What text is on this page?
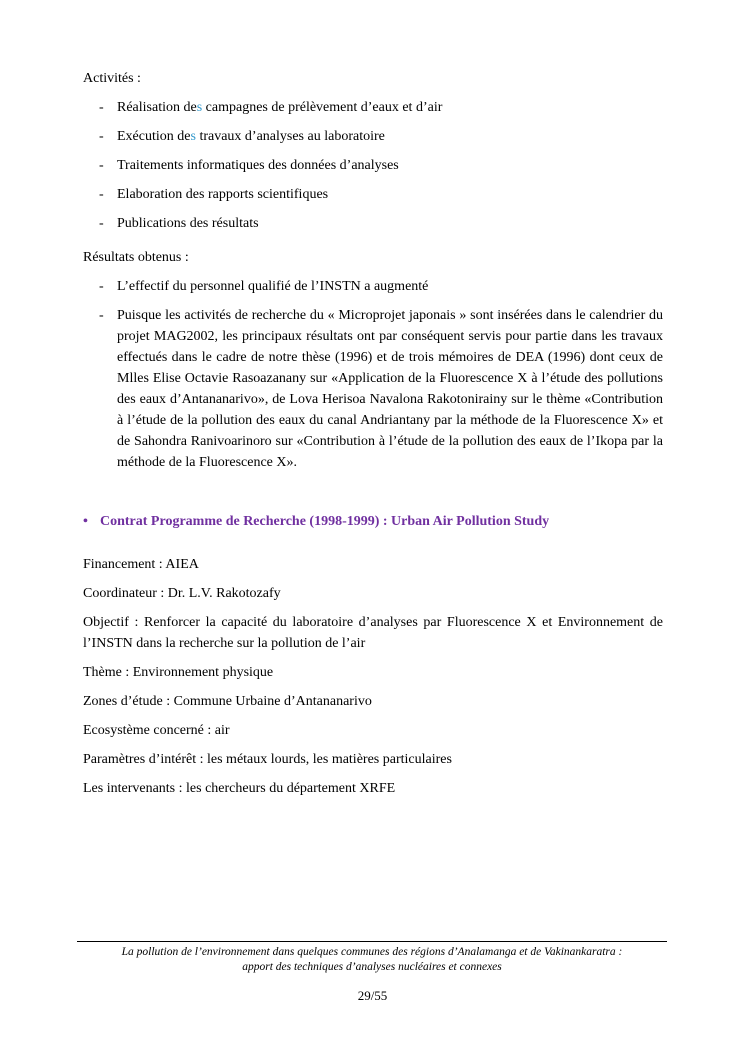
Activités :

- Réalisation des campagnes de prélèvement d’eaux et d’air
- Exécution des travaux d’analyses au laboratoire
- Traitements informatiques des données d’analyses
- Elaboration des rapports scientifiques
- Publications des résultats

Résultats obtenus :

- L’effectif du personnel qualifié de l’INSTN a augmenté
- Puisque les activités de recherche du « Microprojet japonais » sont insérées dans le calendrier du projet MAG2002, les principaux résultats ont par conséquent servis pour partie dans les travaux effectués dans le cadre de notre thèse (1996) et de trois mémoires de DEA (1996) dont ceux de Mlles Elise Octavie Rasoazanany sur «Application de la Fluorescence X à l’étude des pollutions des eaux d’Antananarivo», de Lova Herisoa Navalona Rakotonirainy sur le thème «Contribution à l’étude de la pollution des eaux du canal Andriantany par la méthode de la Fluorescence X» et de Sahondra Ranivoarinoro sur «Contribution à l’étude de la pollution des eaux de l’Ikopa par la méthode de la Fluorescence X».

• Contrat Programme de Recherche (1998-1999) : Urban Air Pollution Study

Financement : AIEA

Coordinateur : Dr. L.V. Rakotozafy

Objectif : Renforcer la capacité du laboratoire d’analyses par Fluorescence X et Environnement de l’INSTN dans la recherche sur la pollution de l’air

Thème : Environnement physique

Zones d’étude : Commune Urbaine d’Antananarivo

Ecosystème concerné : air

Paramètres d’intérêt : les métaux lourds, les matières particulaires

Les intervenants : les chercheurs du département XRFE

La pollution de l’environnement dans quelques communes des régions d’Analamanga et de Vakinankaratra :
apport des techniques d’analyses nucléaires et connexes
29/55
